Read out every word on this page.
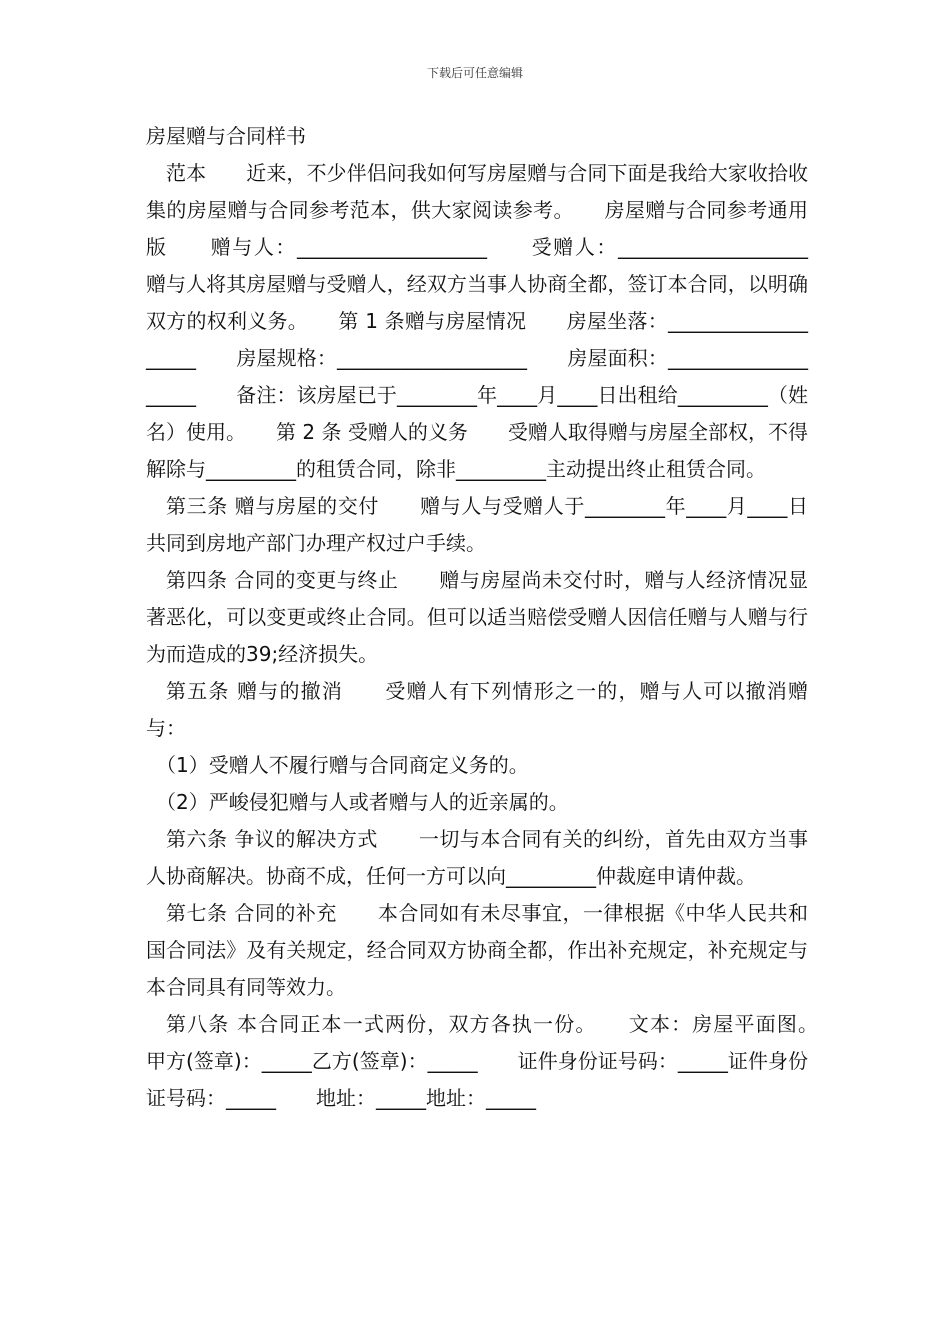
下载后可任意编辑

房屋赠与合同样书

范本　　近来，不少伴侣问我如何写房屋赠与合同下面是我给大家收拾收集的房屋赠与合同参考范本，供大家阅读参考。　　房屋赠与合同参考通用版　　赠与人：___________________　　受赠人：___________________　　赠与人将其房屋赠与受赠人，经双方当事人协商全都，签订本合同，以明确双方的权利义务。　　第 1 条赠与房屋情况　　房屋坐落：___________________　　房屋规格：___________________　　房屋面积：___________________　　备注：该房屋已于________年____月____日出租给_________（姓名）使用。　　第 2 条 受赠人的义务　　受赠人取得赠与房屋全部权，不得解除与_________的租赁合同，除非_________主动提出终止租赁合同。

第三条 赠与房屋的交付　　赠与人与受赠人于________年____月____日共同到房地产部门办理产权过户手续。

第四条 合同的变更与终止　　赠与房屋尚未交付时，赠与人经济情况显著恶化，可以变更或终止合同。但可以适当赔偿受赠人因信任赠与人赠与行为而造成的39;经济损失。

第五条 赠与的撤消　　受赠人有下列情形之一的，赠与人可以撤消赠与：

（1）受赠人不履行赠与合同商定义务的。

（2）严峻侵犯赠与人或者赠与人的近亲属的。

第六条 争议的解决方式　　一切与本合同有关的纠纷，首先由双方当事人协商解决。协商不成，任何一方可以向_________仲裁庭申请仲裁。

第七条 合同的补充　　本合同如有未尽事宜，一律根据《中华人民共和国合同法》及有关规定，经合同双方协商全都，作出补充规定，补充规定与本合同具有同等效力。

第八条 本合同正本一式两份，双方各执一份。　　文本：房屋平面图。　　甲方(签章)：_____乙方(签章)：_____　　证件身份证号码：_____证件身份证号码：_____　　地址：_____地址：_____
